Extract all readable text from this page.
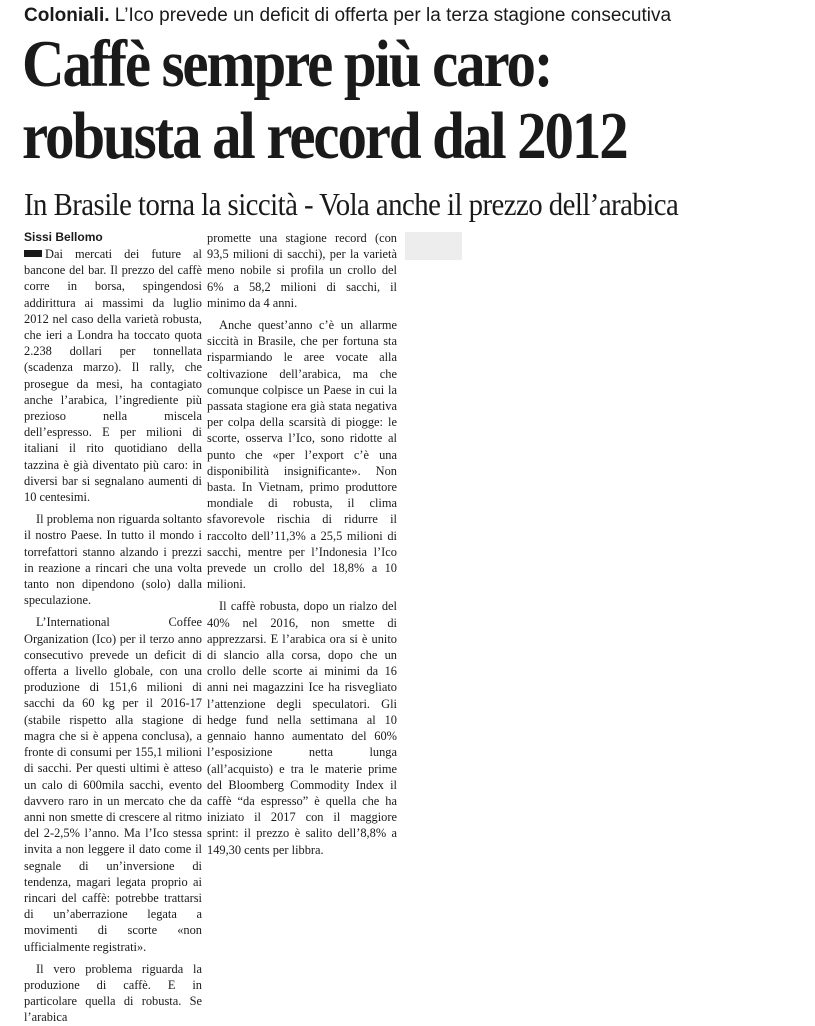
Coloniali. L’Ico prevede un deficit di offerta per la terza stagione consecutiva
Caffè sempre più caro:
robusta al record dal 2012
In Brasile torna la siccità - Vola anche il prezzo dell’arabica
Sissi Bellomo

Dai mercati dei future al bancone del bar. Il prezzo del caffè corre in borsa, spingendosi addirittura ai massimi da luglio 2012 nel caso della varietà robusta, che ieri a Londra ha toccato quota 2.238 dollari per tonnellata (scadenza marzo). Il rally, che prosegue da mesi, ha contagiato anche l’arabica, l’ingrediente più prezioso nella miscela dell’espresso. E per milioni di italiani il rito quotidiano della tazzina è già diventato più caro: in diversi bar si segnalano aumenti di 10 centesimi.

Il problema non riguarda soltanto il nostro Paese. In tutto il mondo i torrefattori stanno alzando i prezzi in reazione a rincari che una volta tanto non dipendono (solo) dalla speculazione.

L’International Coffee Organization (Ico) per il terzo anno consecutivo prevede un deficit di offerta a livello globale, con una produzione di 151,6 milioni di sacchi da 60 kg per il 2016-17 (stabile rispetto alla stagione di magra che si è appena conclusa), a fronte di consumi per 155,1 milioni di sacchi. Per questi ultimi è atteso un calo di 600mila sacchi, evento davvero raro in un mercato che da anni non smette di crescere al ritmo del 2-2,5% l’anno. Ma l’Ico stessa invita a non leggere il dato come il segnale di un’inversione di tendenza, magari legata proprio ai rincari del caffè: potrebbe trattarsi di un’aberrazione legata a movimenti di scorte «non ufficialmente registrati».

Il vero problema riguarda la produzione di caffè. E in particolare quella di robusta. Se l’arabica

promette una stagione record (con 93,5 milioni di sacchi), per la varietà meno nobile si profila un crollo del 6% a 58,2 milioni di sacchi, il minimo da 4 anni.

Anche quest’anno c’è un allarme siccità in Brasile, che per fortuna sta risparmiando le aree vocate alla coltivazione dell’arabica, ma che comunque colpisce un Paese in cui la passata stagione era già stata negativa per colpa della scarsità di piogge: le scorte, osserva l’Ico, sono ridotte al punto che «per l’export c’è una disponibilità insignificante». Non basta. In Vietnam, primo produttore mondiale di robusta, il clima sfavorevole rischia di ridurre il raccolto dell’11,3% a 25,5 milioni di sacchi, mentre per l’Indonesia l’Ico prevede un crollo del 18,8% a 10 milioni.

Il caffè robusta, dopo un rialzo del 40% nel 2016, non smette di apprezzarsi. E l’arabica ora si è unito di slancio alla corsa, dopo che un crollo delle scorte ai minimi da 16 anni nei magazzini Ice ha risvegliato l’attenzione degli speculatori. Gli hedge fund nella settimana al 10 gennaio hanno aumentato del 60% l’esposizione netta lunga (all’acquisto) e tra le materie prime del Bloomberg Commodity Index il caffè “da espresso” è quella che ha iniziato il 2017 con il maggiore sprint: il prezzo è salito dell’8,8% a 149,30 cents per libbra.
